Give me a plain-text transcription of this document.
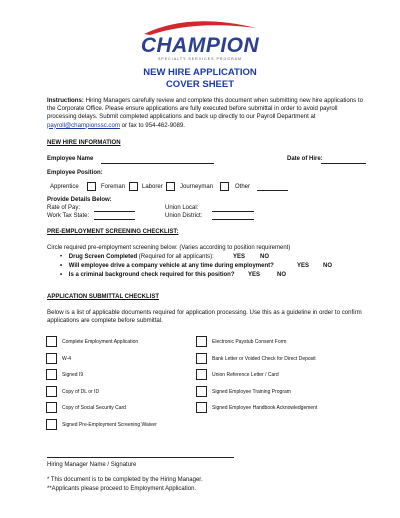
CHAMPION
SPECIALTY SERVICES PROGRAM
NEW HIRE APPLICATION
COVER SHEET
Instructions: Hiring Managers carefully review and complete this document when submitting new hire applications to the Corporate Office. Please ensure applications are fully executed before submittal in order to avoid payroll processing delays. Submit completed applications and back up directly to our Payroll Department at payroll@championssc.com or fax to 954-462-9089.
NEW HIRE INFORMATION
Employee Name	Date of Hire:
Employee Position:
Apprentice	Foreman	Laborer	Journeyman	Other
Provide Details Below:
Rate of Pay:	Union Local:
Work Tax State:	Union District:
PRE-EMPLOYMENT SCREENING CHECKLIST:
Circle required pre-employment screening below: (Varies according to position requirement)
•    Drug Screen Completed (Required for all applicants):	YES NO
•    Will employee drive a company vehicle at any time during employment?	YES NO
•    Is a criminal background check required for this position? YES	NO
APPLICATION SUBMITTAL CHECKLIST
Below is a list of applicable documents required for application processing. Use this as a guideline in order to confirm applications are complete before submittal.
Complete Employment Application
W-4
Signed I9
Copy of DL or ID
Copy of Social Security Card
Signed Pre-Employment Screening Waiver
Electronic Paystub Consent Form
Bank Letter or Voided Check for Direct Deposit
Union Reference Letter / Card
Signed Employee Training Program
Signed Employee Handbook Acknowledgement
Hiring Manager Name / Signature
* This document is to be completed by the Hiring Manager.
**Applicants please proceed to Employment Application.
